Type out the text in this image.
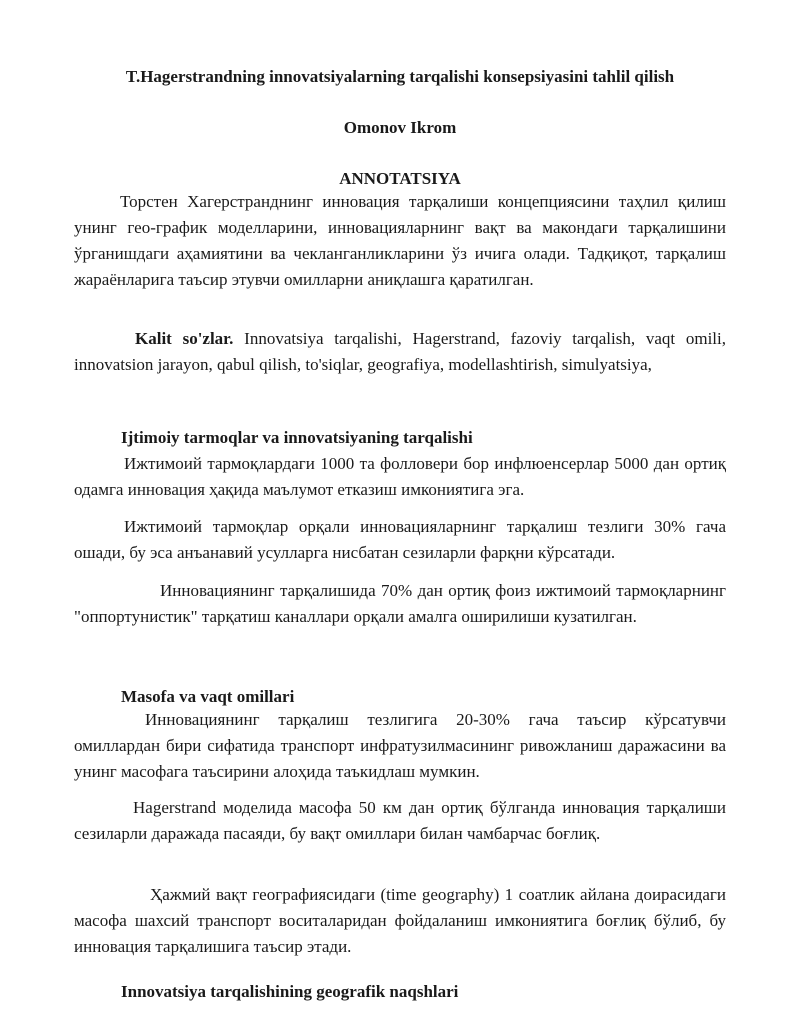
T.Hagerstrandning innovatsiyalarning tarqalishi konsepsiyasini tahlil qilish
Omonov Ikrom
ANNOTATSIYA
Торстен Хагерстранднинг инновация тарқалиши концепциясини таҳлил қилиш унинг гео-график моделларини, инновацияларнинг вақт ва макондаги тарқалишини ўрганишдаги аҳамиятини ва чекланганликларини ўз ичига олади. Тадқиқот, тарқалиш жараёнларига таъсир этувчи омилларни аниқлашга қаратилган.
Kalit so'zlar. Innovatsiya tarqalishi, Hagerstrand, fazoviy tarqalish, vaqt omili, innovatsion jarayon, qabul qilish, to'siqlar, geografiya, modellashtirish, simulyatsiya,
Ijtimoiy tarmoqlar va innovatsiyaning tarqalishi
Ижтимоий тармоқлардаги 1000 та фолловери бор инфлюенсерлар 5000 дан ортиқ одамга инновация ҳақида маълумот етказиш имкониятига эга.
Ижтимоий тармоқлар орқали инновацияларнинг тарқалиш тезлиги 30% гача ошади, бу эса анъанавий усулларга нисбатан сезиларли фарқни кўрсатади.
Инновациянинг тарқалишида 70% дан ортиқ фоиз ижтимоий тармоқларнинг "оппортунистик" тарқатиш каналлари орқали амалга оширилиши кузатилган.
Masofa va vaqt omillari
Инновациянинг тарқалиш тезлигига 20-30% гача таъсир кўрсатувчи омиллардан бири сифатида транспорт инфратузилмасининг ривожланиш даражасини ва унинг масофага таъсирини алоҳида таъкидлаш мумкин.
Hagerstrand моделида масофа 50 км дан ортиқ бўлганда инновация тарқалиши сезиларли даражада пасаяди, бу вақт омиллари билан чамбарчас боғлиқ.
Ҳажмий вақт географиясидаги (time geography) 1 соатлик айлана доирасидаги масофа шахсий транспорт воситаларидан фойдаланиш имкониятига боғлиқ бўлиб, бу инновация тарқалишига таъсир этади.
Innovatsiya tarqalishining geografik naqshlari
